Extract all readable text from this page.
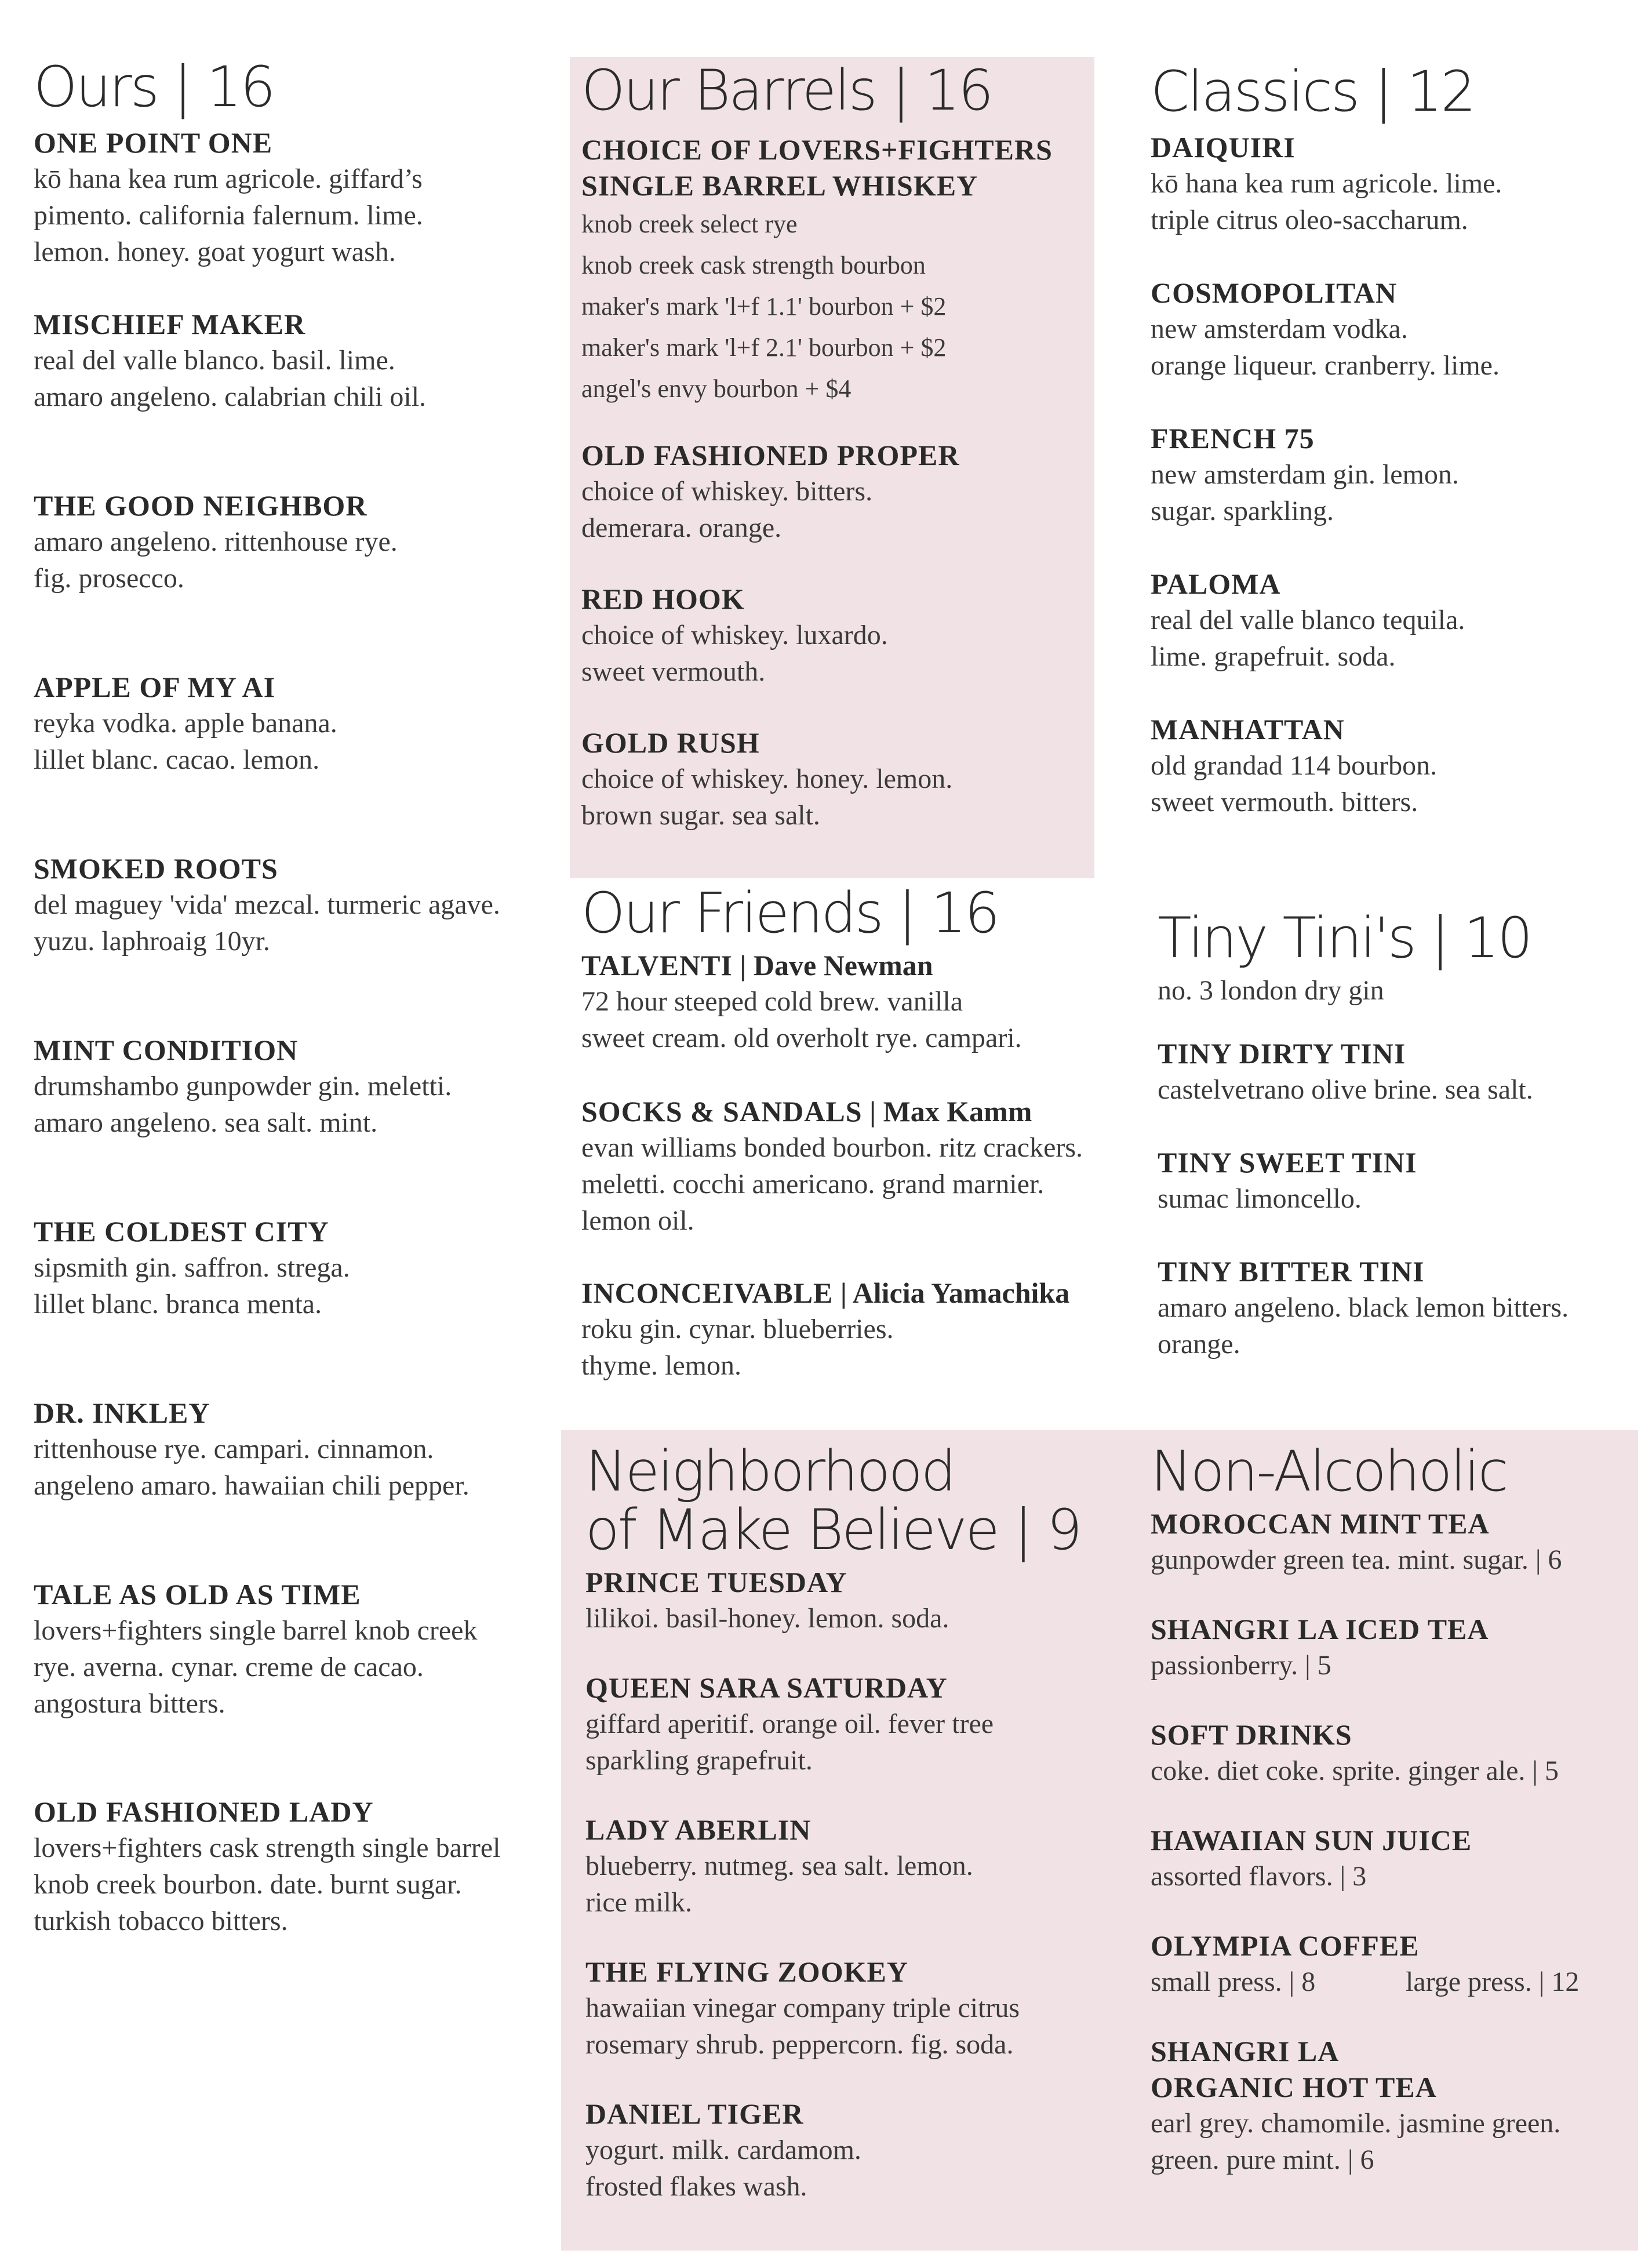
Ours | 16
ONE POINT ONE
kō hana kea rum agricole. giffard’s
pimento. california falernum. lime.
lemon. honey. goat yogurt wash.
MISCHIEF MAKER
real del valle blanco. basil. lime.
amaro angeleno. calabrian chili oil.
THE GOOD NEIGHBOR
amaro angeleno. rittenhouse rye.
fig. prosecco.
APPLE OF MY AI
reyka vodka. apple banana.
lillet blanc. cacao. lemon.
SMOKED ROOTS
del maguey 'vida' mezcal. turmeric agave.
yuzu. laphroaig 10yr.
MINT CONDITION
drumshambo gunpowder gin. meletti.
amaro angeleno. sea salt. mint.
THE COLDEST CITY
sipsmith gin. saffron. strega.
lillet blanc. branca menta.
DR. INKLEY
rittenhouse rye. campari. cinnamon.
angeleno amaro. hawaiian chili pepper.
TALE AS OLD AS TIME
lovers+fighters single barrel knob creek
rye. averna. cynar. creme de cacao.
angostura bitters.
OLD FASHIONED LADY
lovers+fighters cask strength single barrel
knob creek bourbon. date. burnt sugar.
turkish tobacco bitters.
Our Barrels | 16
CHOICE OF LOVERS+FIGHTERS
SINGLE BARREL WHISKEY
knob creek select rye
knob creek cask strength bourbon
maker's mark 'l+f 1.1' bourbon + $2
maker's mark 'l+f 2.1' bourbon + $2
angel's envy bourbon + $4
OLD FASHIONED PROPER
choice of whiskey. bitters.
demerara. orange.
RED HOOK
choice of whiskey. luxardo.
sweet vermouth.
GOLD RUSH
choice of whiskey. honey. lemon.
brown sugar. sea salt.
Classics | 12
DAIQUIRI
kō hana kea rum agricole. lime.
triple citrus oleo-saccharum.
COSMOPOLITAN
new amsterdam vodka.
orange liqueur. cranberry. lime.
FRENCH 75
new amsterdam gin. lemon.
sugar. sparkling.
PALOMA
real del valle blanco tequila.
lime. grapefruit. soda.
MANHATTAN
old grandad 114 bourbon.
sweet vermouth. bitters.
Our Friends | 16
TALVENTI | Dave Newman
72 hour steeped cold brew. vanilla
sweet cream. old overholt rye. campari.
SOCKS & SANDALS | Max Kamm
evan williams bonded bourbon. ritz crackers.
meletti. cocchi americano. grand marnier.
lemon oil.
INCONCEIVABLE | Alicia Yamachika
roku gin. cynar. blueberries.
thyme. lemon.
Tiny Tini's | 10
no. 3 london dry gin
TINY DIRTY TINI
castelvetrano olive brine. sea salt.
TINY SWEET TINI
sumac limoncello.
TINY BITTER TINI
amaro angeleno. black lemon bitters.
orange.
Neighborhood
of Make Believe | 9
PRINCE TUESDAY
lilikoi. basil-honey. lemon. soda.
QUEEN SARA SATURDAY
giffard aperitif. orange oil. fever tree
sparkling grapefruit.
LADY ABERLIN
blueberry. nutmeg. sea salt. lemon.
rice milk.
THE FLYING ZOOKEY
hawaiian vinegar company triple citrus
rosemary shrub. peppercorn. fig. soda.
DANIEL TIGER
yogurt. milk. cardamom.
frosted flakes wash.
Non-Alcoholic
MOROCCAN MINT TEA
gunpowder green tea. mint. sugar. | 6
SHANGRI LA ICED TEA
passionberry. | 5
SOFT DRINKS
coke. diet coke. sprite. ginger ale. | 5
HAWAIIAN SUN JUICE
assorted flavors. | 3
OLYMPIA COFFEE
small press. | 8	large press. | 12
SHANGRI LA
ORGANIC HOT TEA
earl grey. chamomile. jasmine green.
green. pure mint. | 6
